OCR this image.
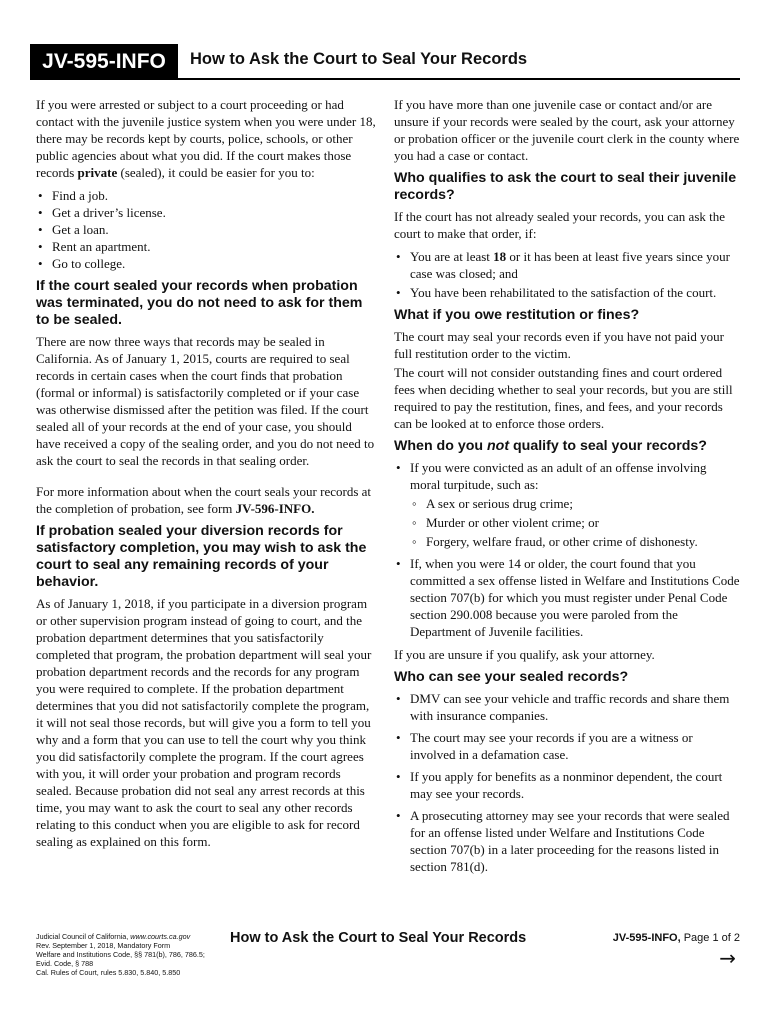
JV-595-INFO	How to Ask the Court to Seal Your Records

If you were arrested or subject to a court proceeding or had contact with the juvenile justice system when you were under 18, there may be records kept by courts, police, schools, or other public agencies about what you did. If the court makes those records private (sealed), it could be easier for you to:

• Find a job.
• Get a driver’s license.
• Get a loan.
• Rent an apartment.
• Go to college.
If the court sealed your records when probation was terminated, you do not need to ask for them to be sealed.

There are now three ways that records may be sealed in California. As of January 1, 2015, courts are required to seal records in certain cases when the court finds that probation (formal or informal) is satisfactorily completed or if your case was otherwise dismissed after the petition was filed. If the court sealed all of your records at the end of your case, you should have received a copy of the sealing order, and you do not need to ask the court to seal the records in that sealing order.

For more information about when the court seals your records at the completion of probation, see form JV-596-INFO.

If probation sealed your diversion records for satisfactory completion, you may wish to ask the court to seal any remaining records of your behavior.

As of January 1, 2018, if you participate in a diversion program or other supervision program instead of going to court, and the probation department determines that you satisfactorily completed that program, the probation department will seal your probation department records and the records for any program you were required to complete. If the probation department determines that you did not satisfactorily complete the program, it will not seal those records, but will give you a form to tell you why and a form that you can use to tell the court why you think you did satisfactorily complete the program. If the court agrees with you, it will order your probation and program records sealed. Because probation did not seal any arrest records at this time, you may want to ask the court to seal any other records relating to this conduct when you are eligible to ask for record sealing as explained on this form.

If you have more than one juvenile case or contact and/or are unsure if your records were sealed by the court, ask your attorney or probation officer or the juvenile court clerk in the county where you had a case or contact.

Who qualifies to ask the court to seal their juvenile records?

If the court has not already sealed your records, you can ask the court to make that order, if:

• You are at least 18 or it has been at least five years since your case was closed; and
• You have been rehabilitated to the satisfaction of the court.
What if you owe restitution or fines?

The court may seal your records even if you have not paid your full restitution order to the victim.

The court will not consider outstanding fines and court ordered fees when deciding whether to seal your records, but you are still required to pay the restitution, fines, and fees, and your records can be looked at to enforce those orders.

When do you not qualify to seal your records?
• If you were convicted as an adult of an offense involving moral turpitude, such as:
◦ A sex or serious drug crime;
◦ Murder or other violent crime; or
◦ Forgery, welfare fraud, or other crime of dishonesty.
• If, when you were 14 or older, the court found that you committed a sex offense listed in Welfare and Institutions Code section 707(b) for which you must register under Penal Code section 290.008 because you were paroled from the Department of Juvenile facilities.

If you are unsure if you qualify, ask your attorney.

Who can see your sealed records?
• DMV can see your vehicle and traffic records and share them with insurance companies.
• The court may see your records if you are a witness or involved in a defamation case.
• If you apply for benefits as a nonminor dependent, the court may see your records.
• A prosecuting attorney may see your records that were sealed for an offense listed under Welfare and Institutions Code section 707(b) in a later proceeding for the reasons listed in section 781(d).
Judicial Council of California, www.courts.ca.gov
Rev. September 1, 2018, Mandatory Form
Welfare and Institutions Code, §§ 781(b), 786, 786.5;
Evid. Code, § 788
Cal. Rules of Court, rules 5.830, 5.840, 5.850
How to Ask the Court to Seal Your Records	JV-595-INFO, Page 1 of 2
→
